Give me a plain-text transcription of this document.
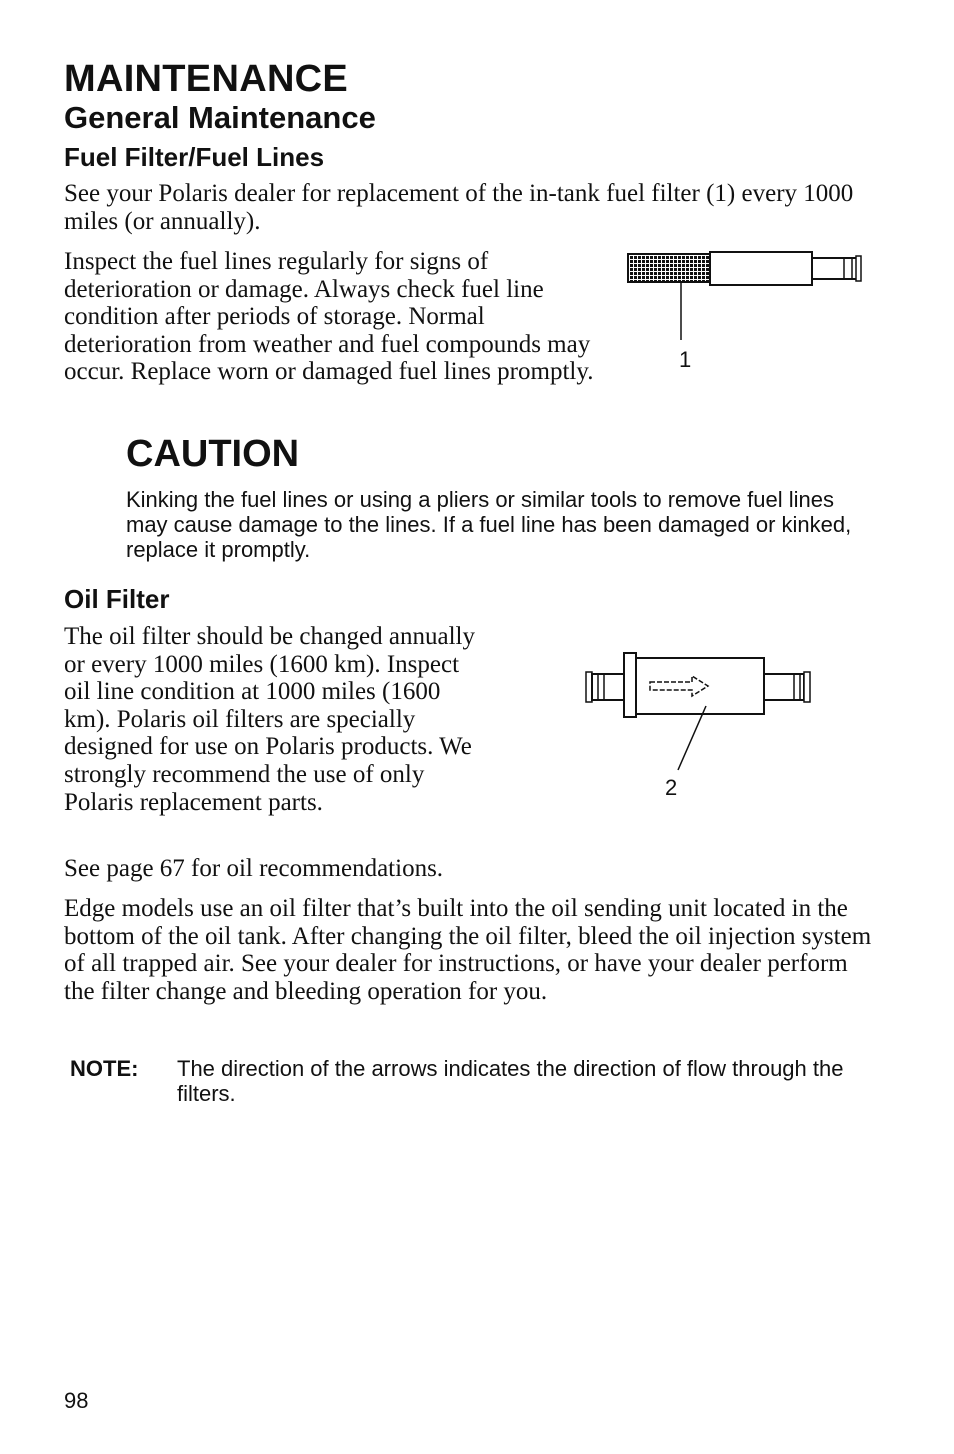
MAINTENANCE
General Maintenance
Fuel Filter/Fuel Lines

See your Polaris dealer for replacement of the in-tank fuel filter (1) every 1000 miles (or annually).

Inspect the fuel lines regularly for signs of deterioration or damage. Always check fuel line condition after periods of storage. Normal deterioration from weather and fuel compounds may occur. Replace worn or damaged fuel lines promptly.	1
CAUTION

Kinking the fuel lines or using a pliers or similar tools to remove fuel lines may cause damage to the lines. If a fuel line has been damaged or kinked, replace it promptly.

Oil Filter

The oil filter should be changed annually or every 1000 miles (1600 km). Inspect oil line condition at 1000 miles (1600 km). Polaris oil filters are specially designed for use on Polaris products. We strongly recommend the use of only Polaris replacement parts.

2

See page 67 for oil recommendations.

Edge models use an oil filter that’s built into the oil sending unit located in the bottom of the oil tank. After changing the oil filter, bleed the oil injection system of all trapped air. See your dealer for instructions, or have your dealer perform the filter change and bleeding operation for you.

NOTE: The direction of the arrows indicates the direction of flow through the filters.

98
